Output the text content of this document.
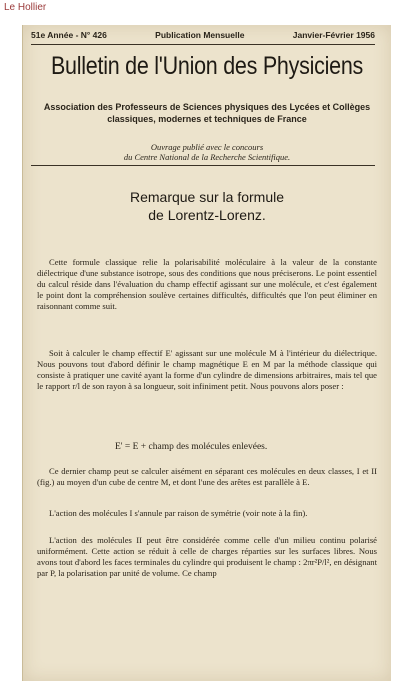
Le Hollier
51e Année - N° 426	Publication Mensuelle	Janvier-Février 1956
Bulletin de l'Union des Physiciens
Association des Professeurs de Sciences physiques des Lycées et Collèges classiques, modernes et techniques de France
Ouvrage publié avec le concours
du Centre National de la Recherche Scientifique.
Remarque sur la formule
de Lorentz-Lorenz.

Cette formule classique relie la polarisabilité moléculaire à la valeur de la constante diélectrique d'une substance isotrope, sous des conditions que nous préciserons. Le point essentiel du calcul réside dans l'évaluation du champ effectif agissant sur une molécule, et c'est également le point dont la compréhension soulève certaines difficultés, difficultés que l'on peut éliminer en raisonnant comme suit.

Soit à calculer le champ effectif E' agissant sur une molécule M à l'intérieur du diélectrique. Nous pouvons tout d'abord définir le champ magnétique E en M par la méthode classique qui consiste à pratiquer une cavité ayant la forme d'un cylindre de dimensions arbitraires, mais tel que le rapport r/l de son rayon à sa longueur, soit infiniment petit. Nous pouvons alors poser :

E' = E + champ des molécules enlevées.

Ce dernier champ peut se calculer aisément en séparant ces molécules en deux classes, I et II (fig.) au moyen d'un cube de centre M, et dont l'une des arêtes est parallèle à E.

L'action des molécules I s'annule par raison de symétrie (voir note à la fin).

L'action des molécules II peut être considérée comme celle d'un milieu continu polarisé uniformément. Cette action se réduit à celle de charges réparties sur les surfaces libres. Nous avons tout d'abord les faces terminales du cylindre qui produisent le champ : 2πr²P/l², en désignant par P, la polarisation par unité de volume. Ce champ
